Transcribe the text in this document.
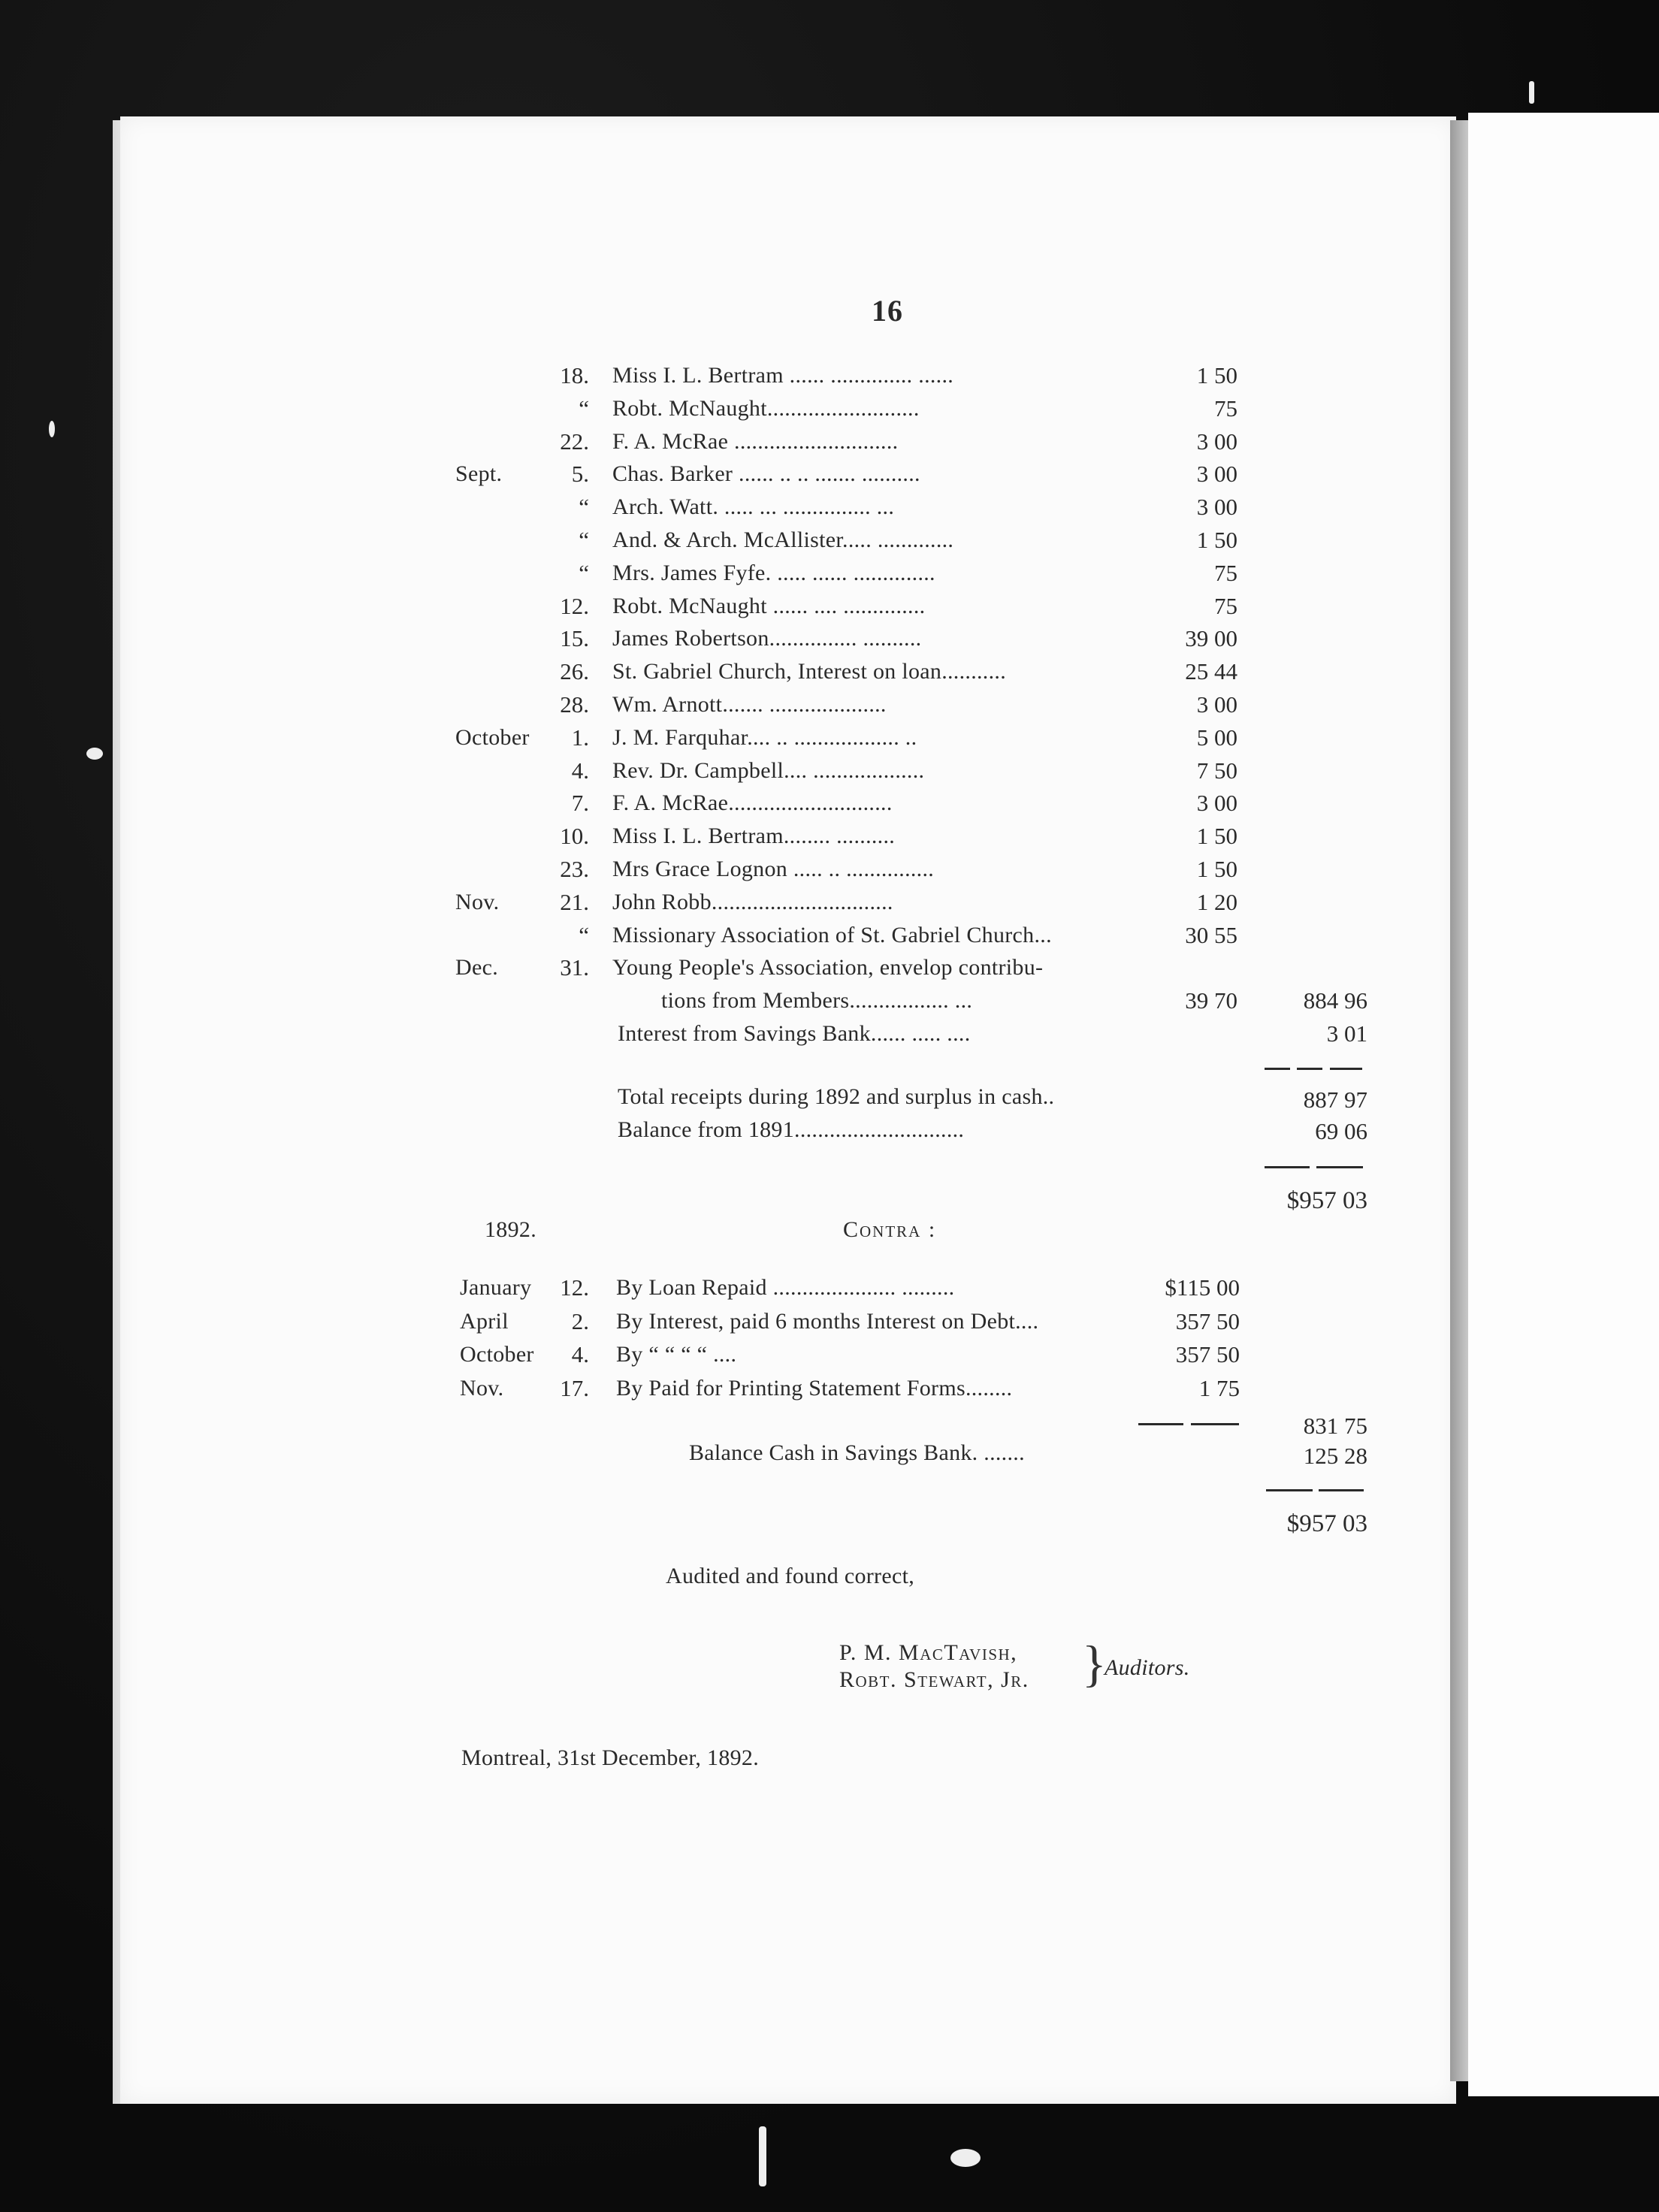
16
18. Miss I. L. Bertram ...... .............. ......	1 50
“ Robt. McNaught..........................	75
22. F. A. McRae ............................	3 00
Sept.	5. Chas. Barker ...... .. .. ....... ..........	3 00
“ Arch. Watt. ..... ... ............... ...	3 00
“ And. & Arch. McAllister..... .............	1 50
“ Mrs. James Fyfe. ..... ...... ..............	75
12. Robt. McNaught ...... .... ..............	75
15. James Robertson............... ..........	39 00
26. St. Gabriel Church, Interest on loan...........	25 44
28. Wm. Arnott....... ....................	3 00
October 1. J. M. Farquhar.... .. .................. ..	5 00
4. Rev. Dr. Campbell.... ...................	7 50
7. F. A. McRae............................	3 00
10. Miss I. L. Bertram........ ..........	1 50
23. Mrs Grace Lognon ..... .. ...............	1 50
Nov.	21. John Robb...............................	1 20
“ Missionary Association of St. Gabriel Church...	30 55
Dec.	31. Young People's Association, envelop contribu-
tions from Members................. ...	39 70	884 96
Interest from Savings Bank...... ..... ....	3 01
Total receipts during 1892 and surplus in cash..	887 97
Balance from 1891.............................	69 06
$957 03
1892.	Contra :
January 12. By Loan Repaid ..................... .........	$115 00
April	2. By Interest, paid 6 months Interest on Debt....	357 50
October 4. By “ “ “ “ ....	357 50
Nov. 17. By Paid for Printing Statement Forms........	1 75
831 75
Balance Cash in Savings Bank. .......	125 28
$957 03
Audited and found correct,
P. M. MacTavish,
Robt. Stewart, Jr. }
Auditors.
Montreal, 31st December, 1892.
